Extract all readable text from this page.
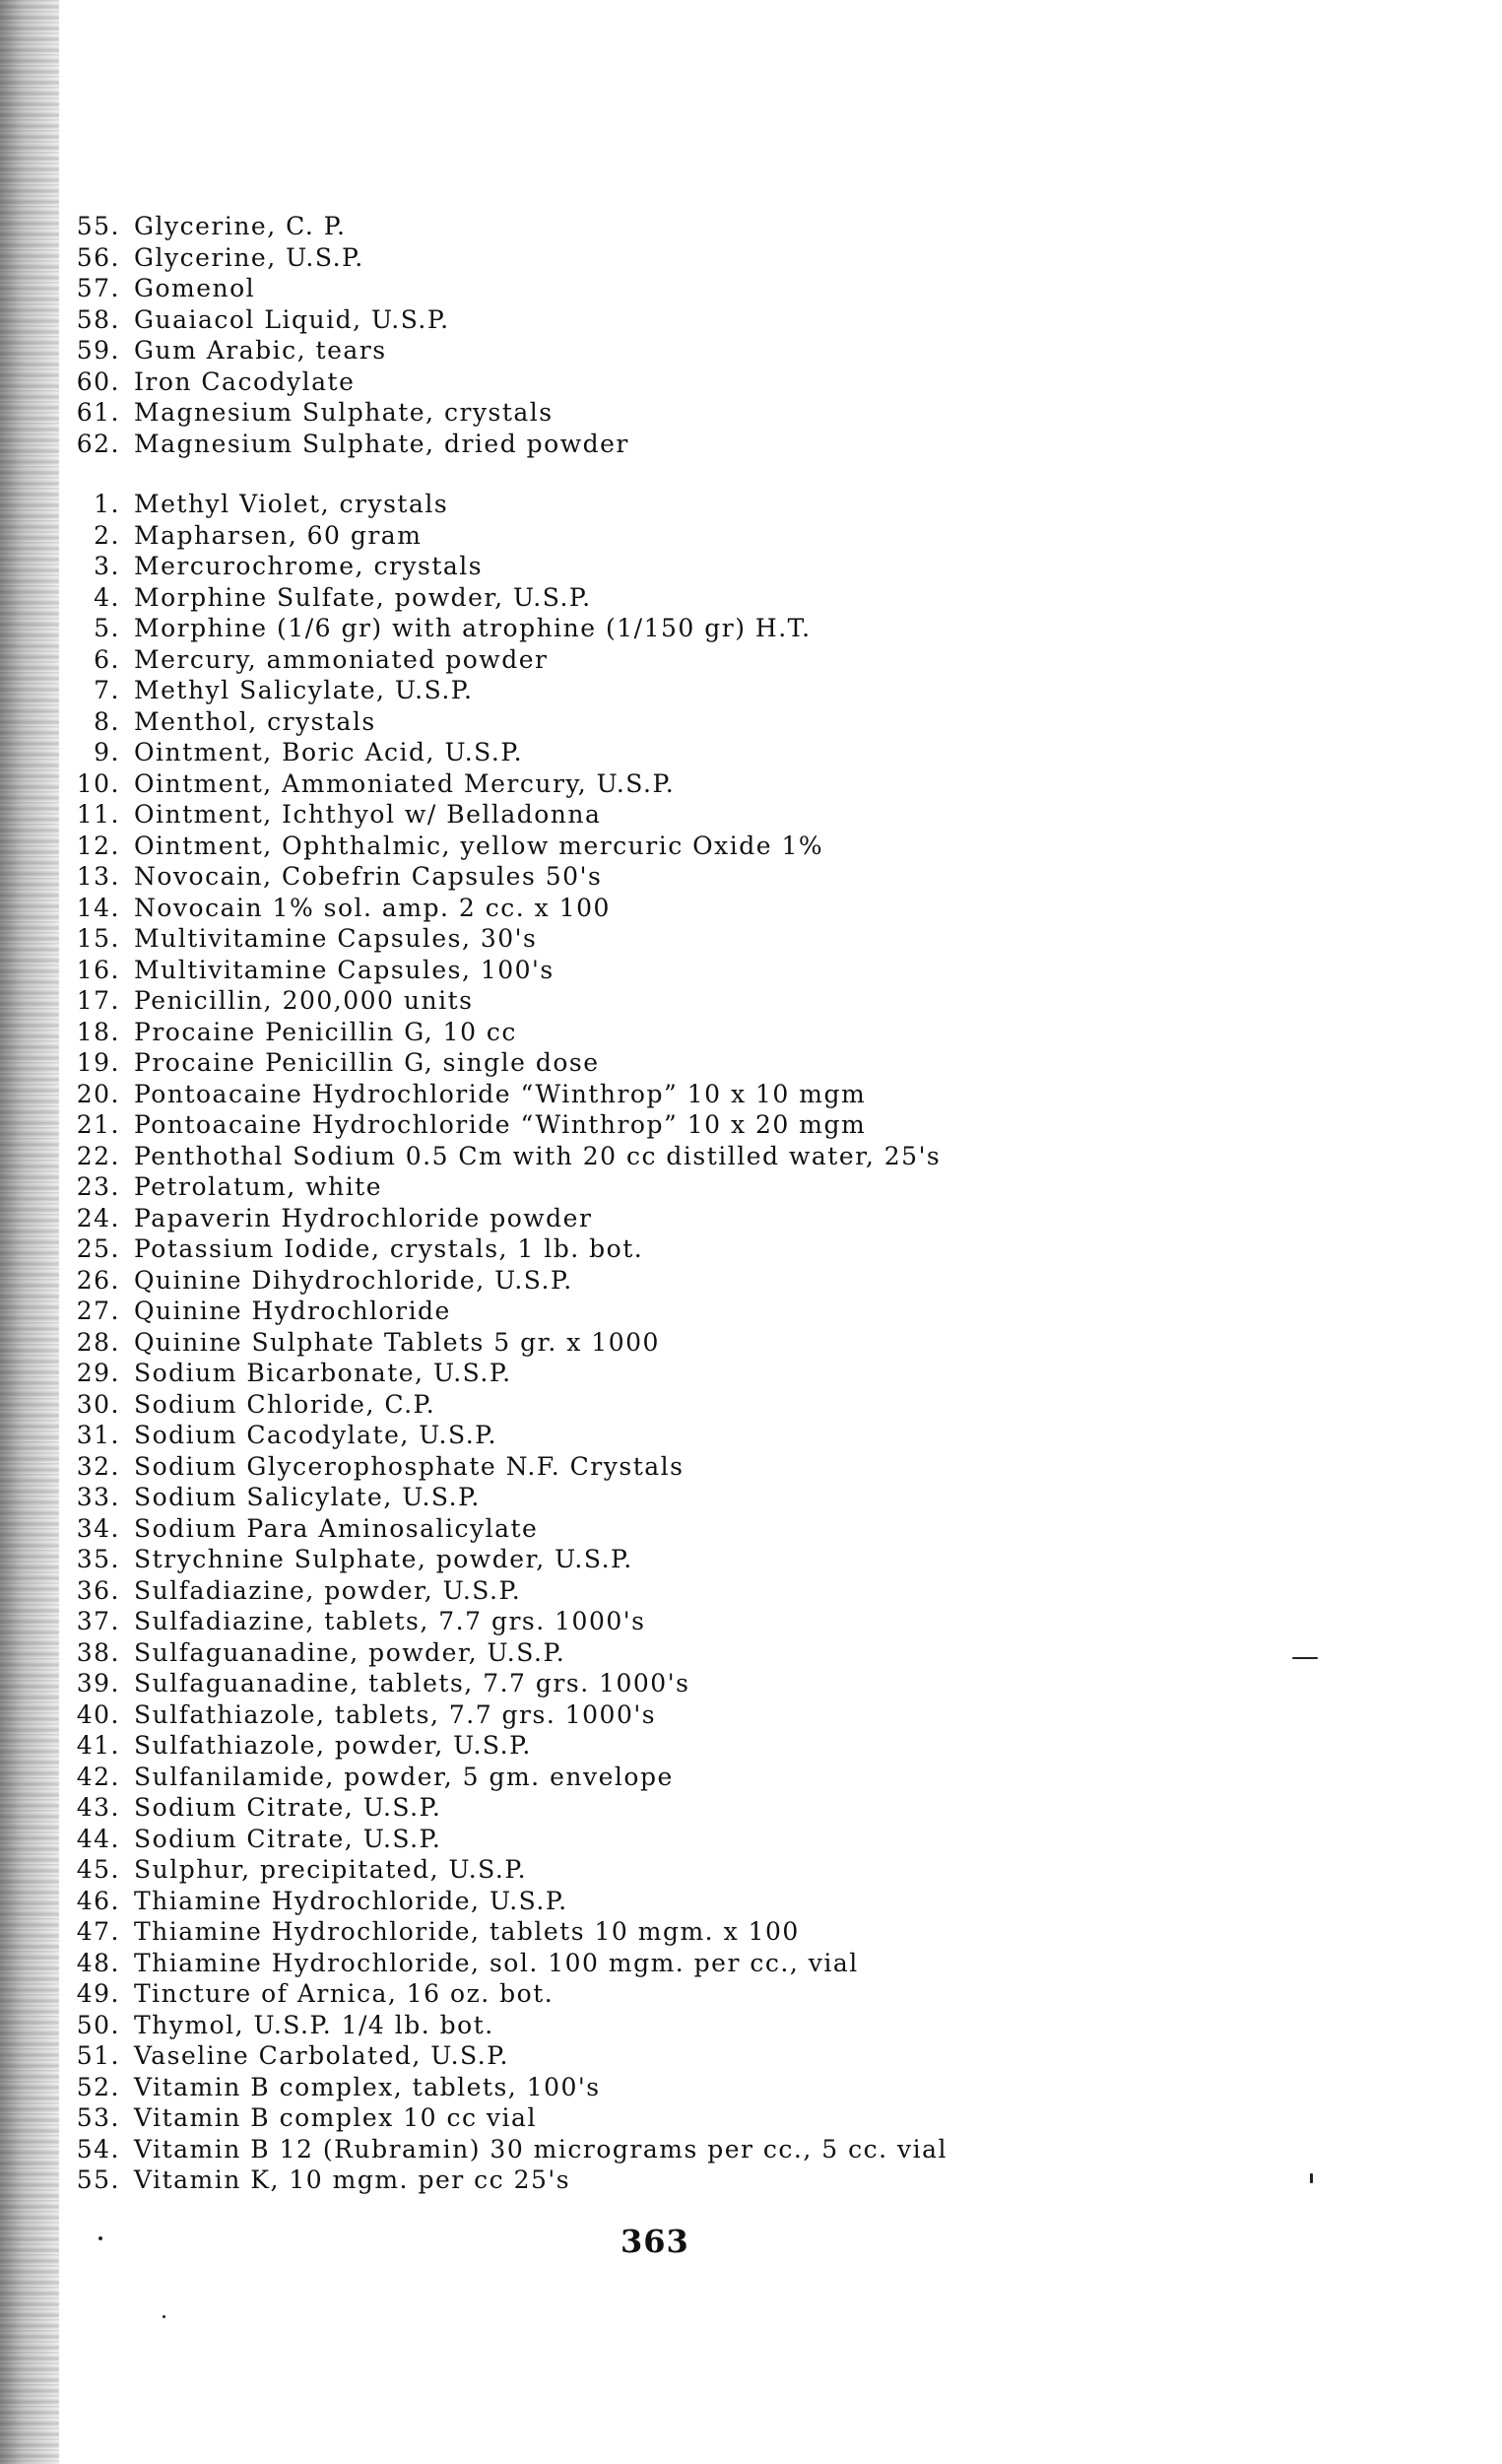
55. Glycerine, C. P.
56. Glycerine, U.S.P.
57. Gomenol
58. Guaiacol Liquid, U.S.P.
59. Gum Arabic, tears
60. Iron Cacodylate
61. Magnesium Sulphate, crystals
62. Magnesium Sulphate, dried powder
1. Methyl Violet, crystals
2. Mapharsen, 60 gram
3. Mercurochrome, crystals
4. Morphine Sulfate, powder, U.S.P.
5. Morphine (1/6 gr) with atrophine (1/150 gr) H.T.
6. Mercury, ammoniated powder
7. Methyl Salicylate, U.S.P.
8. Menthol, crystals
9. Ointment, Boric Acid, U.S.P.
10. Ointment, Ammoniated Mercury, U.S.P.
11. Ointment, Ichthyol w/ Belladonna
12. Ointment, Ophthalmic, yellow mercuric Oxide 1%
13. Novocain, Cobefrin Capsules 50's
14. Novocain 1% sol. amp. 2 cc. x 100
15. Multivitamine Capsules, 30's
16. Multivitamine Capsules, 100's
17. Penicillin, 200,000 units
18. Procaine Penicillin G, 10 cc
19. Procaine Penicillin G, single dose
20. Pontoacaine Hydrochloride “Winthrop” 10 x 10 mgm
21. Pontoacaine Hydrochloride “Winthrop” 10 x 20 mgm
22. Penthothal Sodium 0.5 Cm with 20 cc distilled water, 25's
23. Petrolatum, white
24. Papaverin Hydrochloride powder
25. Potassium Iodide, crystals, 1 lb. bot.
26. Quinine Dihydrochloride, U.S.P.
27. Quinine Hydrochloride
28. Quinine Sulphate Tablets 5 gr. x 1000
29. Sodium Bicarbonate, U.S.P.
30. Sodium Chloride, C.P.
31. Sodium Cacodylate, U.S.P.
32. Sodium Glycerophosphate N.F. Crystals
33. Sodium Salicylate, U.S.P.
34. Sodium Para Aminosalicylate
35. Strychnine Sulphate, powder, U.S.P.
36. Sulfadiazine, powder, U.S.P.
37. Sulfadiazine, tablets, 7.7 grs. 1000's
38. Sulfaguanadine, powder, U.S.P.
39. Sulfaguanadine, tablets, 7.7 grs. 1000's
40. Sulfathiazole, tablets, 7.7 grs. 1000's
41. Sulfathiazole, powder, U.S.P.
42. Sulfanilamide, powder, 5 gm. envelope
43. Sodium Citrate, U.S.P.
44. Sodium Citrate, U.S.P.
45. Sulphur, precipitated, U.S.P.
46. Thiamine Hydrochloride, U.S.P.
47. Thiamine Hydrochloride, tablets 10 mgm. x 100
48. Thiamine Hydrochloride, sol. 100 mgm. per cc., vial
49. Tincture of Arnica, 16 oz. bot.
50. Thymol, U.S.P. 1/4 lb. bot.
51. Vaseline Carbolated, U.S.P.
52. Vitamin B complex, tablets, 100's
53. Vitamin B complex 10 cc vial
54. Vitamin B 12 (Rubramin) 30 micrograms per cc., 5 cc. vial
55. Vitamin K, 10 mgm. per cc 25's
363
